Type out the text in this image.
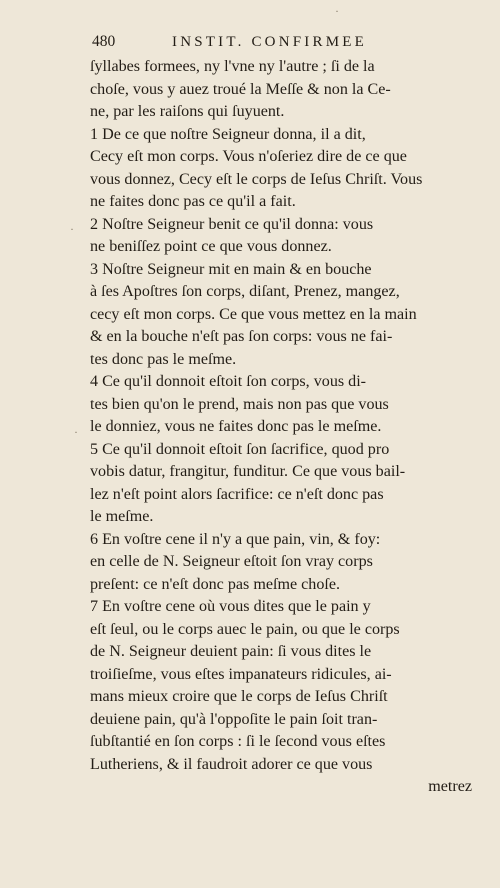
480	INSTIT. CONFIRMEE
ſyllabes formees, ny l'vne ny l'autre ; ſi de la
choſe, vous y auez troué la Meſſe & non la Ce-
ne, par les raiſons qui ſuyuent.
1 De ce que noſtre Seigneur donna, il a dit,
Cecy eſt mon corps. Vous n'oſeriez dire de ce que
vous donnez, Cecy eſt le corps de Ieſus Chriſt. Vous
ne faites donc pas ce qu'il a fait.
2 Noſtre Seigneur benit ce qu'il donna: vous
ne beniſſez point ce que vous donnez.
3 Noſtre Seigneur mit en main & en bouche
à ſes Apoſtres ſon corps, diſant, Prenez, mangez,
cecy eſt mon corps. Ce que vous mettez en la main
& en la bouche n'eſt pas ſon corps: vous ne fai-
tes donc pas le meſme.
4 Ce qu'il donnoit eſtoit ſon corps, vous di-
tes bien qu'on le prend, mais non pas que vous
le donniez, vous ne faites donc pas le meſme.
5 Ce qu'il donnoit eſtoit ſon ſacrifice, quod pro
vobis datur, frangitur, funditur. Ce que vous bail-
lez n'eſt point alors ſacrifice: ce n'eſt donc pas
le meſme.
6 En voſtre cene il n'y a que pain, vin, & foy:
en celle de N. Seigneur eſtoit ſon vray corps
preſent: ce n'eſt donc pas meſme choſe.
7 En voſtre cene où vous dites que le pain y
eſt ſeul, ou le corps auec le pain, ou que le corps
de N. Seigneur deuient pain: ſi vous dites le
troiſieſme, vous eſtes impanateurs ridicules, ai-
mans mieux croire que le corps de Ieſus Chriſt
deuiene pain, qu'à l'oppoſite le pain ſoit tran-
ſubſtantié en ſon corps : ſi le ſecond vous eſtes
Lutheriens, & il faudroit adorer ce que vous
metrez
·
·
·
